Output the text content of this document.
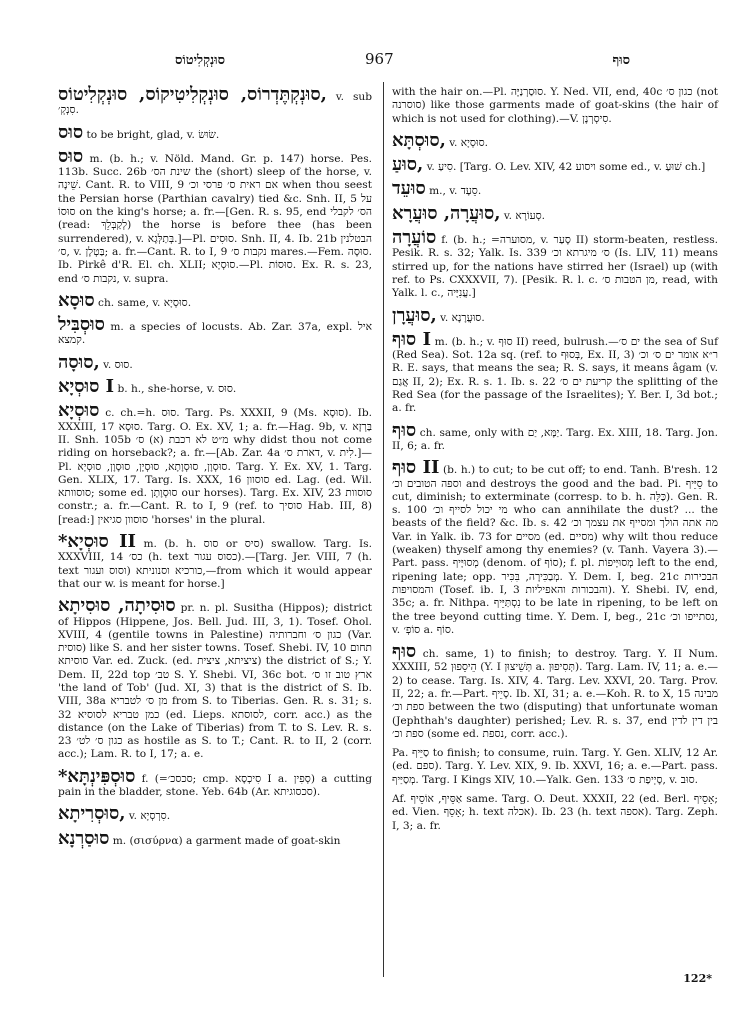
סוּנְקְלִיטוֹס	967	סוּף

סוּנְקְתֶּדְרוֹס, סוּנְקְלִיטִיקוֹס, סוּנְקְלִיטוֹס, v. sub סִנְקְ׳.

סוּס to be bright, glad, v. שׂוּשׂ.

סוּס m. (b. h.; v. Nöld. Mand. Gr. p. 147) horse. Pes. 113b. Succ. 26b שינת הס׳ the (short) sleep of the horse, v. שֵׁינָה. Cant. R. to VIII, 9 אם ראית ס׳ פרסי וכ׳ when thou seest the Persian horse (Parthian cavalry) tied &c. Snh. II, 5 על סוּסוֹ on the king's horse; a. fr.—[Gen. R. s. 95, end הס׳ לקבלי (read: לְקַבְּלֵךְ) the horse is before thee (has been surrendered), v. בְּתַלְּגָא.]—Pl. סוּסִים. Snh. II, 4. Ib. 21b הבטלנין ס׳, v. בַּטְלָן; a. fr.—Cant. R. to I, 9 נקבות ס׳ mares.—Fem. סוּסָה. Ib. Pirkê d'R. El. ch. XLII; סוּסְיָא.—Pl. סוּסוֹת. Ex. R. s. 23, end נקבות ס׳, v. supra.

סוּסָא ch. same, v. סוּסְיָא.

סוּסְבִּיל m. a species of locusts. Ab. Zar. 37a, expl. איל קמצא.

סוּסָה, v. סוּס.

סוּסְיָא I b. h., she-horse, v. סוּס.

סוּסְיָא c. ch.=h. סוּס. Targ. Ps. XXXII, 9 (Ms. סוּסָא). Ib. XXXIII, 17 סוּסָא. Targ. O. Ex. XV, 1; a. fr.—Hag. 9b, v. בַּרְזָא II. Snh. 105b מ״ט לא רכבת (א) ס׳ why didst thou not come riding on horseback?; a. fr.—[Ab. Zar. 4a דארת ס׳, v. לִית.]—Pl. סוּסְוָן, סוּסְוָתָא, סוּסְיָן, סוּסָוָן, סוּסְיָא. Targ. Y. Ex. XV, 1. Targ. Gen. XLIX, 17. Targ. Is. XXX, 16 סוסוון ed. Lag. (ed. Wil. סוסוותא; some ed. סוּסְוָתָן our horses). Targ. Ex. XIV, 23 סוסוות constr.; a. fr.—Cant. R. to I, 9 (ref. to סוסיך Hab. III, 8) [read:] סוסוון סגיאין 'horses' in the plural.

*סוּסְיָא II m. (b. h. סוס or סיס) swallow. Targ. Is. XXXVIII, 14 כס׳ (h. text כסוס עגור).—[Targ. Jer. VIII, 7 (h. text וסוס ועגור) כורכיא וסנוניתא,—from which it would appear that our w. is meant for horse.]

סוּסִיתָה, סוּסִיתָא pr. n. pl. Susitha (Hippos); district of Hippos (Hippene, Jos. Bell. Jud. III, 3, 1). Tosef. Ohol. XVIII, 4 (gentile towns in Palestine) כגון ס׳ וחברותיה (Var. סוסית) like S. and her sister towns. Tosef. Shebi. IV, 10 תחום סוסיתא Var. ed. Zuck. (ed. ציציתא, ציצית) the district of S.; Y. Dem. II, 22d top טב׳ S. Y. Shebi. VI, 36c bot. ארץ טוב זו ס׳ 'the land of Tob' (Jud. XI, 3) that is the district of S. Ib. VIII, 38a מן ס׳ לטבריא from S. to Tiberias. Gen. R. s. 31; s. 32 כמן טבריא לסוסיא (ed. Lieps. לסוסתא, corr. acc.) as the distance (on the Lake of Tiberias) from T. to S. Lev. R. s. 23 כגון ס׳ לט׳ as hostile as S. to T.; Cant. R. to II, 2 (corr. acc.); Lam. R. to I, 17; a. e.

*סוּסְפִּינְתָּא f. (=סכסכ׳; cmp. סִיכְסָא I a. סְפִין) a cutting pain in the bladder, stone. Yeb. 64b (Ar. סכסוגיתא).

סוּסְרִיתָא, v. סִרְסְיָא.

סוּסַרְנָא m. (σισύρνα) a garment made of goat-skin

with the hair on.—Pl. סוּסַרְנַיָּה. Y. Ned. VII, end, 40c כגון ס׳ (not סוסרנה) like those garments made of goat-skins (the hair of which is not used for clothing).—V. סִיסְרְנָן.

סוּסְתָּא, v. סוּסְיָא.

סוּעַ, v. סִיעַ. [Targ. O. Lev. XIV, 42 ויסוע some ed., v. שׁוּעַ ch.]

סוּעֵד m., v. סֵעָד.

סוּעֲרָה, סוּעֲרָא, v. סְעוֹרָא.

סוֹעֲרָה f. (b. h.; =מסוערה, v. סָעַר II) storm-beaten, restless. Pesik. R. s. 32; Yalk. Is. 339 ס׳ מיגרתא וכ׳ (Is. LIV, 11) means stirred up, for the nations have stirred her (Israel) up (with ref. to Ps. CXXXVII, 7). [Pesik. R. l. c. מן הטבות ס׳, read, with Yalk. l. c., עֲנִיָּיה.]

סוּעֲרָן, v. סוּעֲרָנָא.

סוּף I m. (b. h.; v. סוּף II) reed, bulrush.—ים ס׳ the sea of Suf (Red Sea). Sot. 12a sq. (ref. to בְּסוּף, Ex. II, 3) ר״א אומר ים ס׳ וכ׳ R. E. says, that means the sea; R. S. says, it means âgam (v. אֲגַם II, 2); Ex. R. s. 1. Ib. s. 22 קריעת ים ס׳ the splitting of the Red Sea (for the passage of the Israelites); Y. Ber. I, 3d bot.; a. fr.

סוּף ch. same, only with יַמָּא, יַם. Targ. Ex. XIII, 18. Targ. Jon. II, 6; a. fr.

סוּף II (b. h.) to cut; to be cut off; to end. Tanh. B'resh. 12 וספה הטובים וכ׳ and destroys the good and the bad. Pi. סֵיֵּיף to cut, diminish; to exterminate (corresp. to b. h. כַּלֵּה). Gen. R. s. 100 מי יכול לסייף וכ׳ who can annihilate the dust? ... the beasts of the field? &c. Ib. s. 42 מה אתה הולך ומסייף את עצמך וכ׳ Var. in Yalk. ib. 73 for מסיים (ed. מסיים) why wilt thou reduce (weaken) thyself among thy enemies? (v. Tanh. Vayera 3).—Part. pass. מְסוּיָּיף (denom. of סוֹף); f. pl. מְסוּיָּיפוֹת left to the end, ripening late; opp. מְבַכִּירָה, בִּכִּיר. Y. Dem. I, beg. 21c הבכירות והמסויפות (Tosef. ib. I, 3 והבכורות והאפיליות). Y. Shebi. IV, end, 35c; a. fr. Nithpa. נִסְתַּיֵּיף to be late in ripening, to be left on the tree beyond cutting time. Y. Dem. I, beg., 21c נסתייפו וכ׳, v. סוֹפְ׳ a. סוֹף.

סוּף ch. same, 1) to finish; to destroy. Targ. Y. II Num. XXXIII, 52 הֵיסֵפוּן (Y. I תְּשֵׁיצוּן a. תְּסִיפוּן). Targ. Lam. IV, 11; a. e.—2) to cease. Targ. Is. XIV, 4. Targ. Lev. XXVI, 20. Targ. Prov. II, 22; a. fr.—Part. סָיֵיף. Ib. XI, 31; a. e.—Koh. R. to X, 15 מבינה ספת וכ׳ between the two (disputing) that unfortunate woman (Jephthah's daughter) perished; Lev. R. s. 37, end בין דין לדין ספת וכ׳ (some ed. נספת, corr. acc.).

Pa. סַיֵּיף to finish; to consume, ruin. Targ. Y. Gen. XLIV, 12 Ar. (ed. ספם). Targ. Y. Lev. XIX, 9. Ib. XXVI, 16; a. e.—Part. pass. מְסַיַּיף. Targ. I Kings XIV, 10.—Yalk. Gen. 133 סָיְיפַת ס׳, v. סוּב.

Af. אַסֵּיף, אוֹסֵיף same. Targ. O. Deut. XXXII, 22 (ed. Berl. אָסֵיף; ed. Vien. אָסֵף; h. text אכלה). Ib. 23 (h. text אספה). Targ. Zeph. I, 3; a. fr.

122*
